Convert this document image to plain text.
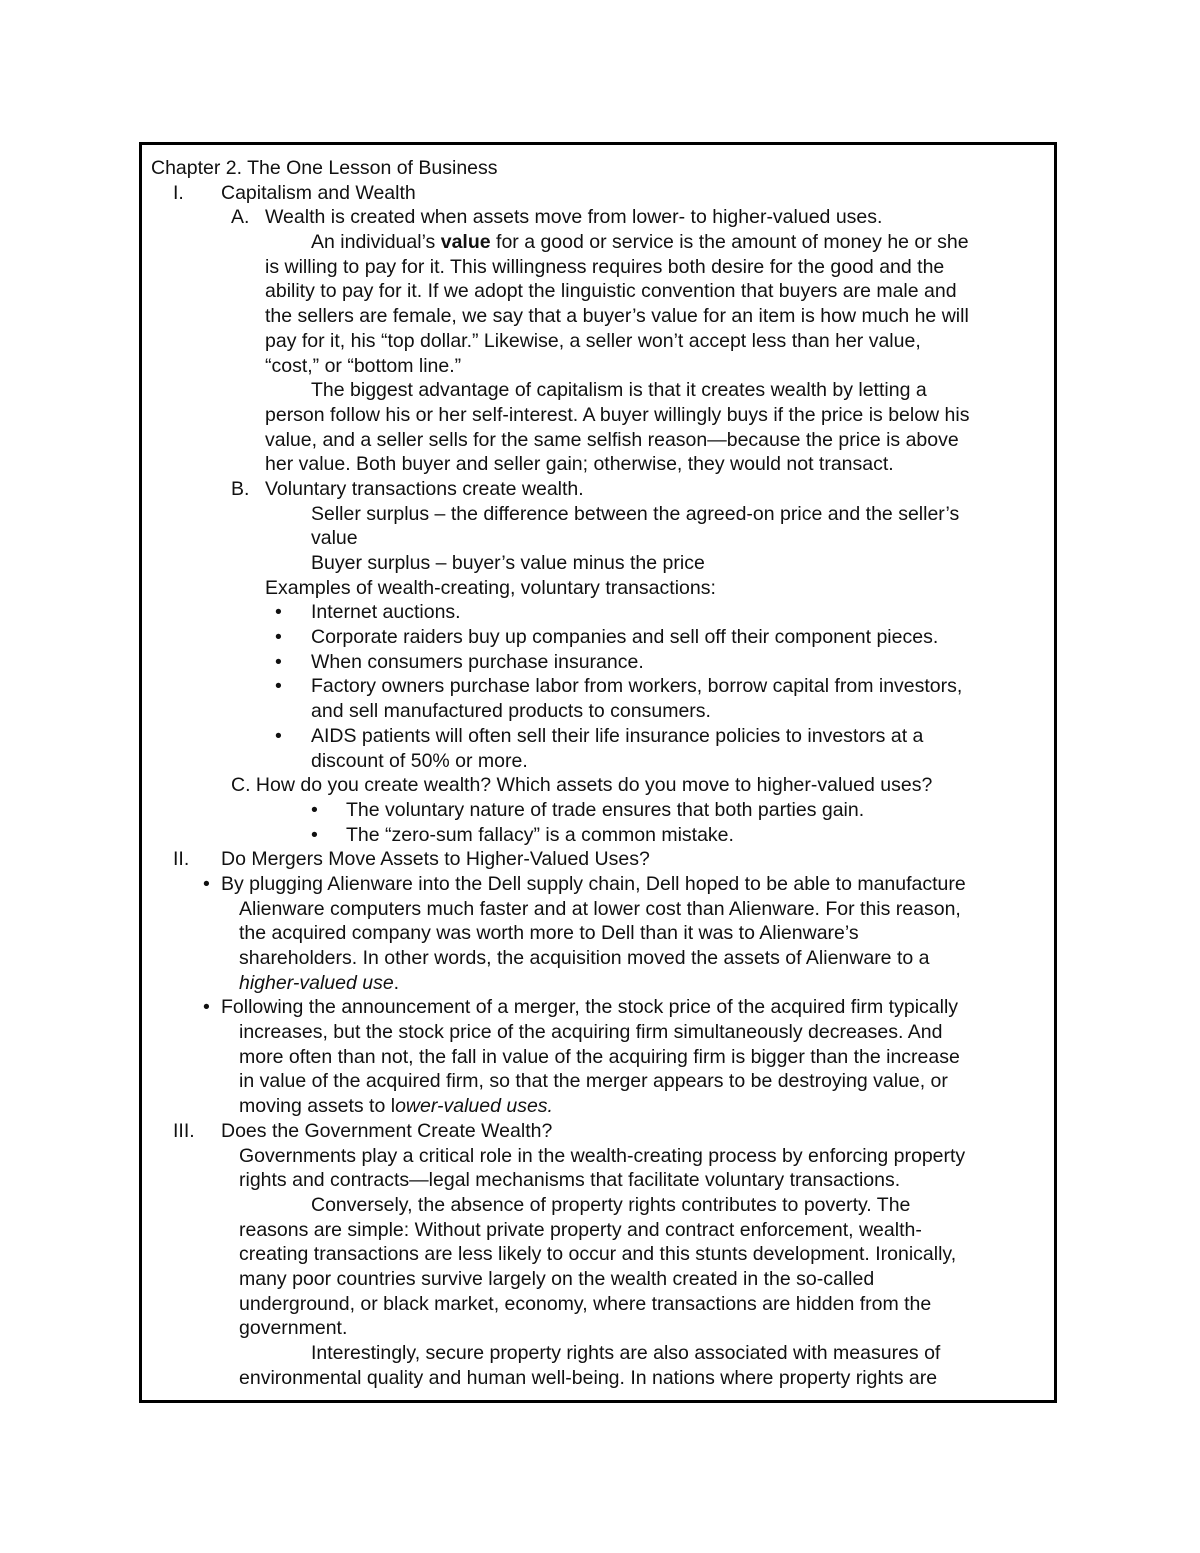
Chapter 2. The One Lesson of Business
I. Capitalism and Wealth
A. Wealth is created when assets move from lower- to higher-valued uses.
An individual’s value for a good or service is the amount of money he or she
is willing to pay for it. This willingness requires both desire for the good and the
ability to pay for it. If we adopt the linguistic convention that buyers are male and
the sellers are female, we say that a buyer’s value for an item is how much he will
pay for it, his “top dollar.” Likewise, a seller won’t accept less than her value,
“cost,” or “bottom line.”
The biggest advantage of capitalism is that it creates wealth by letting a
person follow his or her self-interest. A buyer willingly buys if the price is below his
value, and a seller sells for the same selfish reason—because the price is above
her value. Both buyer and seller gain; otherwise, they would not transact.
B. Voluntary transactions create wealth.
Seller surplus – the difference between the agreed-on price and the seller’s
value
Buyer surplus – buyer’s value minus the price
Examples of wealth-creating, voluntary transactions:
• Internet auctions.
• Corporate raiders buy up companies and sell off their component pieces.
• When consumers purchase insurance.
• Factory owners purchase labor from workers, borrow capital from investors,
and sell manufactured products to consumers.
• AIDS patients will often sell their life insurance policies to investors at a
discount of 50% or more.
C. How do you create wealth? Which assets do you move to higher-valued uses?
• The voluntary nature of trade ensures that both parties gain.
• The “zero-sum fallacy” is a common mistake.
II. Do Mergers Move Assets to Higher-Valued Uses?
• By plugging Alienware into the Dell supply chain, Dell hoped to be able to manufacture
Alienware computers much faster and at lower cost than Alienware. For this reason,
the acquired company was worth more to Dell than it was to Alienware’s
shareholders. In other words, the acquisition moved the assets of Alienware to a
higher-valued use.
• Following the announcement of a merger, the stock price of the acquired firm typically
increases, but the stock price of the acquiring firm simultaneously decreases. And
more often than not, the fall in value of the acquiring firm is bigger than the increase
in value of the acquired firm, so that the merger appears to be destroying value, or
moving assets to lower-valued uses.
III. Does the Government Create Wealth?
Governments play a critical role in the wealth-creating process by enforcing property
rights and contracts—legal mechanisms that facilitate voluntary transactions.
Conversely, the absence of property rights contributes to poverty. The
reasons are simple: Without private property and contract enforcement, wealth-
creating transactions are less likely to occur and this stunts development. Ironically,
many poor countries survive largely on the wealth created in the so-called
underground, or black market, economy, where transactions are hidden from the
government.
Interestingly, secure property rights are also associated with measures of
environmental quality and human well-being. In nations where property rights are
